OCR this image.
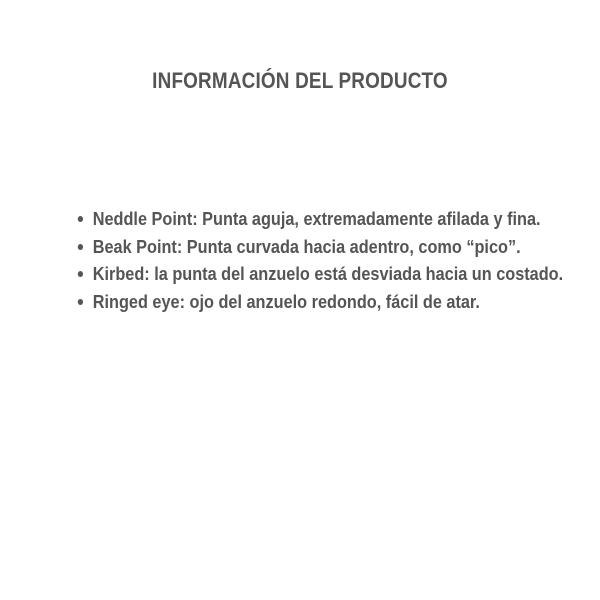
INFORMACIÓN DEL PRODUCTO
Neddle Point: Punta aguja, extremadamente afilada y fina.
Beak Point: Punta curvada hacia adentro, como “pico”.
Kirbed: la punta del anzuelo está desviada hacia un costado.
Ringed eye: ojo del anzuelo redondo, fácil de atar.
